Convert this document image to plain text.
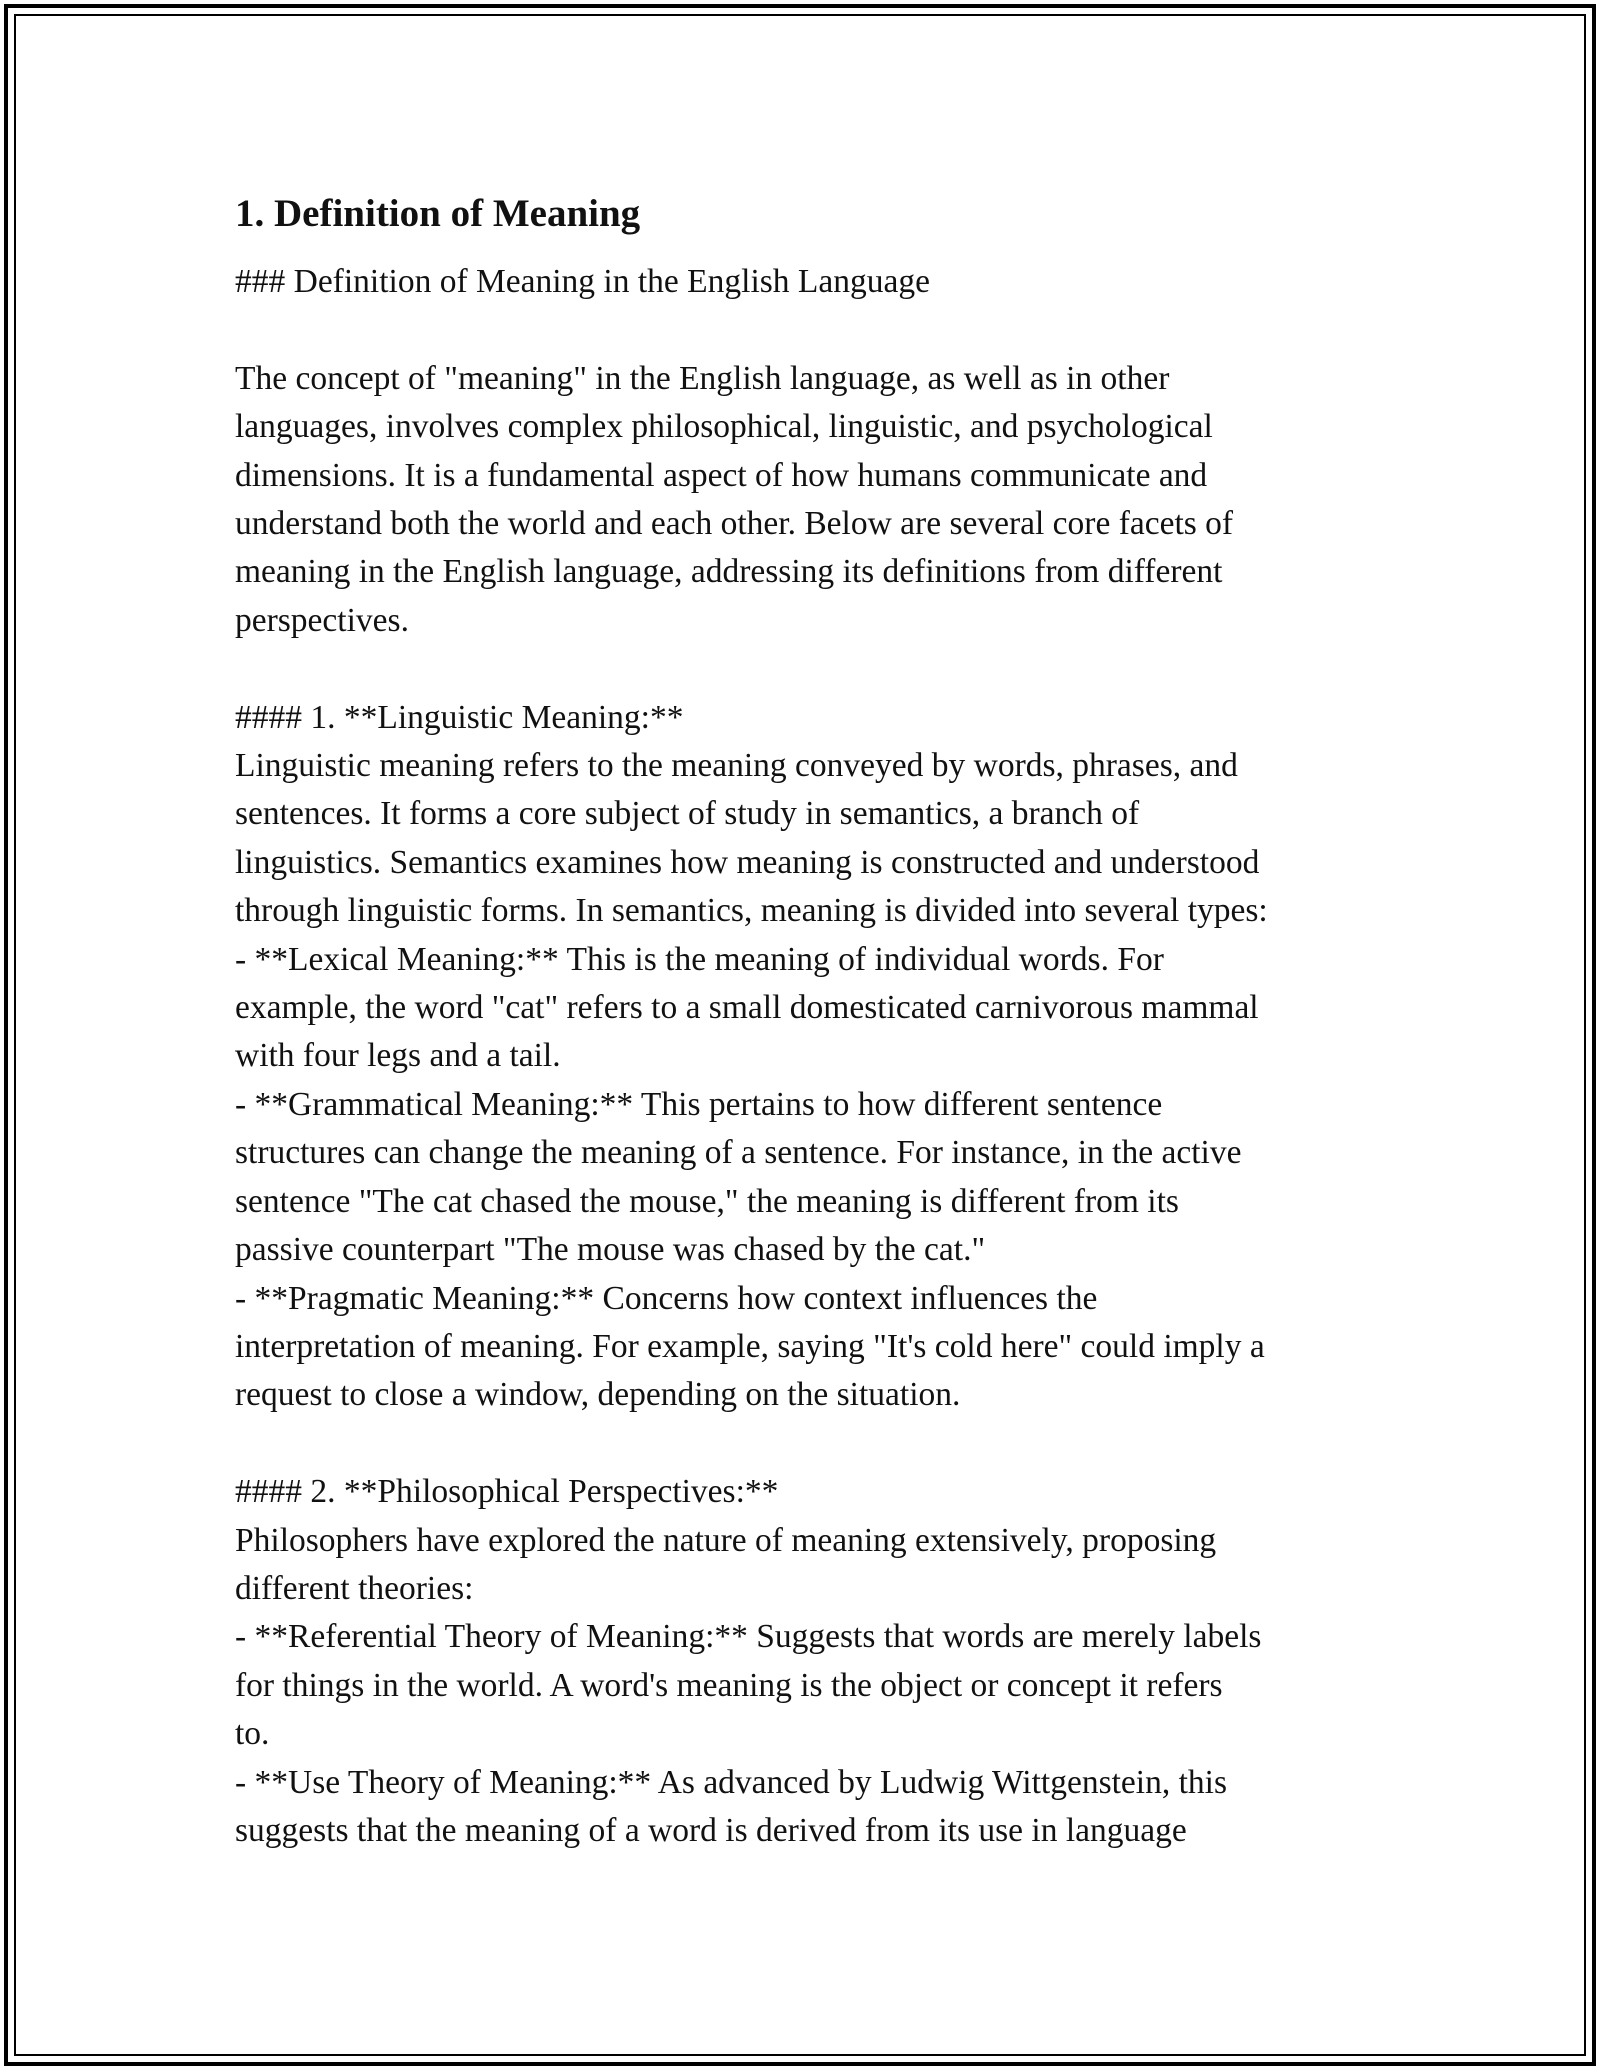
1. Definition of Meaning

### Definition of Meaning in the English Language

The concept of "meaning" in the English language, as well as in other

languages, involves complex philosophical, linguistic, and psychological

dimensions. It is a fundamental aspect of how humans communicate and

understand both the world and each other. Below are several core facets of

meaning in the English language, addressing its definitions from different

perspectives.

#### 1. **Linguistic Meaning:**

Linguistic meaning refers to the meaning conveyed by words, phrases, and

sentences. It forms a core subject of study in semantics, a branch of

linguistics. Semantics examines how meaning is constructed and understood

through linguistic forms. In semantics, meaning is divided into several types:

- **Lexical Meaning:** This is the meaning of individual words. For

example, the word "cat" refers to a small domesticated carnivorous mammal

with four legs and a tail.

- **Grammatical Meaning:** This pertains to how different sentence

structures can change the meaning of a sentence. For instance, in the active

sentence "The cat chased the mouse," the meaning is different from its

passive counterpart "The mouse was chased by the cat."

- **Pragmatic Meaning:** Concerns how context influences the

interpretation of meaning. For example, saying "It's cold here" could imply a

request to close a window, depending on the situation.

#### 2. **Philosophical Perspectives:**

Philosophers have explored the nature of meaning extensively, proposing

different theories:

- **Referential Theory of Meaning:** Suggests that words are merely labels

for things in the world. A word's meaning is the object or concept it refers

to.

- **Use Theory of Meaning:** As advanced by Ludwig Wittgenstein, this

suggests that the meaning of a word is derived from its use in language
